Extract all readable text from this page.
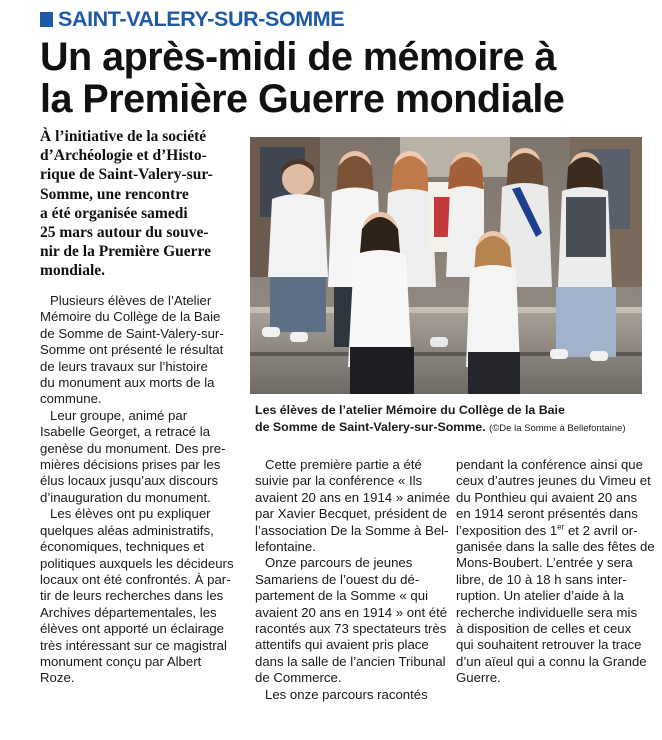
SAINT-VALERY-SUR-SOMME
Un après-midi de mémoire à
la Première Guerre mondiale
À l’initiative de la société
d’Archéologie et d’Histo-
rique de Saint-Valery-sur-
Somme, une rencontre
a été organisée samedi
25 mars autour du souve-
nir de la Première Guerre
mondiale.
Les élèves de l’atelier Mémoire du Collège de la Baie
de Somme de Saint-Valery-sur-Somme. (©De la Somme à Bellefontaine)
Plusieurs élèves de l’Atelier
Mémoire du Collège de la Baie
de Somme de Saint-Valery-sur-
Somme ont présenté le résultat
de leurs travaux sur l’histoire
du monument aux morts de la
commune.
Leur groupe, animé par
Isabelle Georget, a retracé la
genèse du monument. Des pre-
mières décisions prises par les
élus locaux jusqu’aux discours
d’inauguration du monument.
Les élèves ont pu expliquer
quelques aléas administratifs,
économiques, techniques et
politiques auxquels les décideurs
locaux ont été confrontés. À par-
tir de leurs recherches dans les
Archives départementales, les
élèves ont apporté un éclairage
très intéressant sur ce magistral
monument conçu par Albert
Roze.
Cette première partie a été
suivie par la conférence « Ils
avaient 20 ans en 1914 » animée
par Xavier Becquet, président de
l’association De la Somme à Bel-
lefontaine.
Onze parcours de jeunes
Samariens de l’ouest du dé-
partement de la Somme « qui
avaient 20 ans en 1914 » ont été
racontés aux 73 spectateurs très
attentifs qui avaient pris place
dans la salle de l’ancien Tribunal
de Commerce.
Les onze parcours racontés
pendant la conférence ainsi que
ceux d’autres jeunes du Vimeu et
du Ponthieu qui avaient 20 ans
en 1914 seront présentés dans
l’exposition des 1er et 2 avril or-
ganisée dans la salle des fêtes de
Mons-Boubert. L’entrée y sera
libre, de 10 à 18 h sans inter-
ruption. Un atelier d’aide à la
recherche individuelle sera mis
à disposition de celles et ceux
qui souhaitent retrouver la trace
d’un aïeul qui a connu la Grande
Guerre.
